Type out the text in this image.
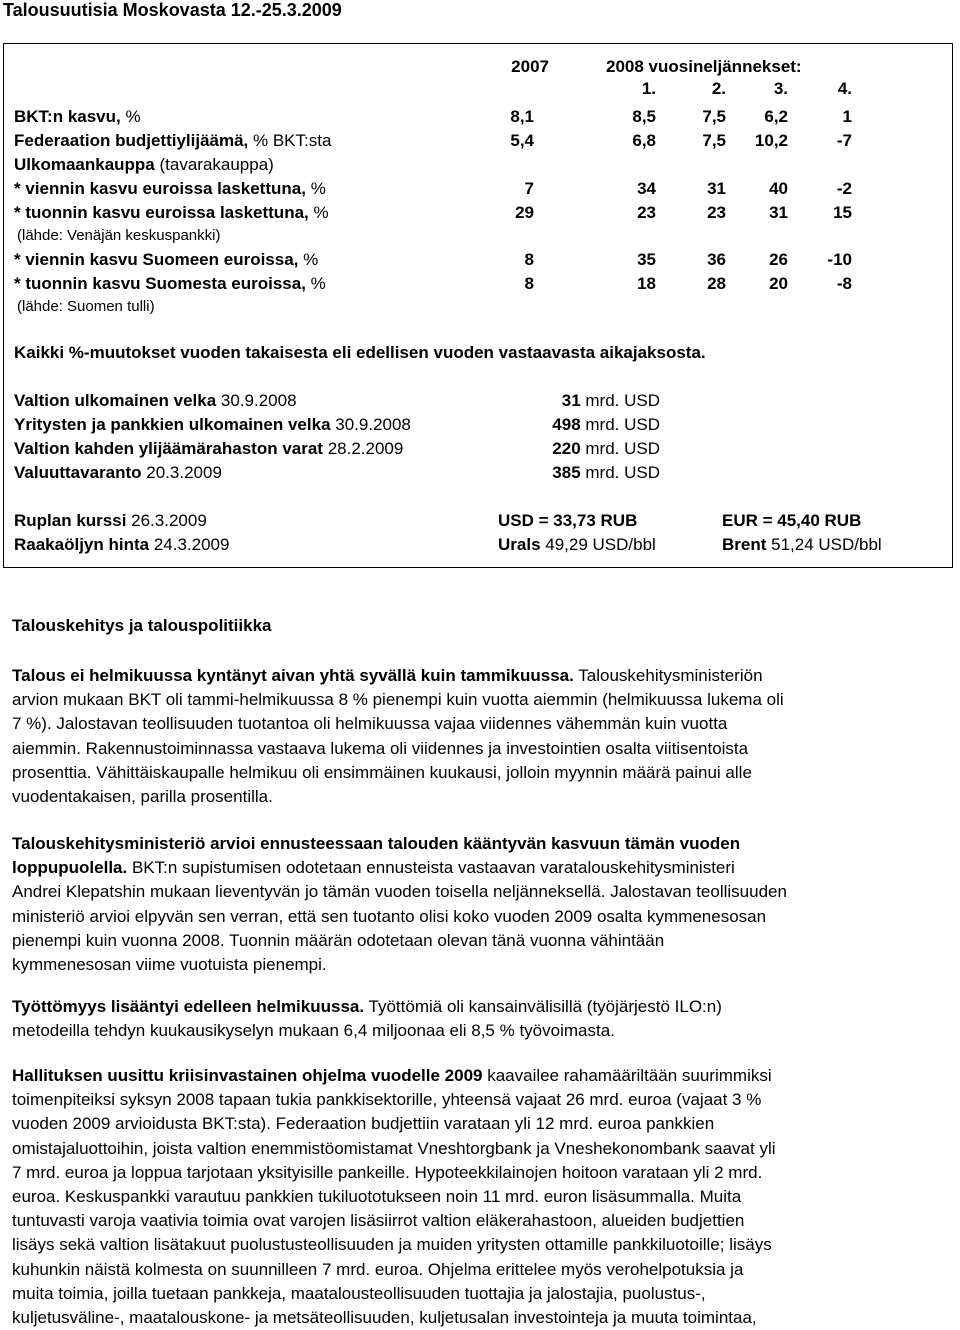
Talousuutisia Moskovasta 12.-25.3.2009
2007	2008 vuosineljännekset:
1.	2.	3.	4.
BKT:n kasvu, %	8,1	8,5	7,5 6,2	1
Federaation budjettiylijäämä, % BKT:sta	5,4	6,8	7,5 10,2	-7
Ulkomaankauppa (tavarakauppa)
* viennin kasvu euroissa laskettuna, %	7	34	31	40	-2
* tuonnin kasvu euroissa laskettuna, %	29	23	23	31	15
(lähde: Venäjän keskuspankki)
* viennin kasvu Suomeen euroissa, %	8	35	36	26 -10
* tuonnin kasvu Suomesta euroissa, %	8	18	28	20	-8
(lähde: Suomen tulli)
Kaikki %-muutokset vuoden takaisesta eli edellisen vuoden vastaavasta aikajaksosta.
Valtion ulkomainen velka 30.9.2008	31 mrd. USD
Yritysten ja pankkien ulkomainen velka 30.9.2008	498 mrd. USD
Valtion kahden ylijäämärahaston varat 28.2.2009	220 mrd. USD
Valuuttavaranto 20.3.2009	385 mrd. USD
Ruplan kurssi 26.3.2009	USD = 33,73 RUB	EUR = 45,40 RUB
Raakaöljyn hinta 24.3.2009	Urals 49,29 USD/bbl	Brent 51,24 USD/bbl
Talouskehitys ja talouspolitiikka
Talous ei helmikuussa kyntänyt aivan yhtä syvällä kuin tammikuussa. Talouskehitysministeriön
arvion mukaan BKT oli tammi-helmikuussa 8 % pienempi kuin vuotta aiemmin (helmikuussa lukema oli
7 %). Jalostavan teollisuuden tuotantoa oli helmikuussa vajaa viidennes vähemmän kuin vuotta
aiemmin. Rakennustoiminnassa vastaava lukema oli viidennes ja investointien osalta viitisentoista
prosenttia. Vähittäiskaupalle helmikuu oli ensimmäinen kuukausi, jolloin myynnin määrä painui alle
vuodentakaisen, parilla prosentilla.
Talouskehitysministeriö arvioi ennusteessaan talouden kääntyvän kasvuun tämän vuoden
loppupuolella. BKT:n supistumisen odotetaan ennusteista vastaavan varatalouskehitysministeri
Andrei Klepatshin mukaan lieventyvän jo tämän vuoden toisella neljänneksellä. Jalostavan teollisuuden
ministeriö arvioi elpyvän sen verran, että sen tuotanto olisi koko vuoden 2009 osalta kymmenesosan
pienempi kuin vuonna 2008. Tuonnin määrän odotetaan olevan tänä vuonna vähintään
kymmenesosan viime vuotuista pienempi.
Työttömyys lisääntyi edelleen helmikuussa. Työttömiä oli kansainvälisillä (työjärjestö ILO:n)
metodeilla tehdyn kuukausikyselyn mukaan 6,4 miljoonaa eli 8,5 % työvoimasta.
Hallituksen uusittu kriisinvastainen ohjelma vuodelle 2009 kaavailee rahamääriltään suurimmiksi
toimenpiteiksi syksyn 2008 tapaan tukia pankkisektorille, yhteensä vajaat 26 mrd. euroa (vajaat 3 %
vuoden 2009 arvioidusta BKT:sta). Federaation budjettiin varataan yli 12 mrd. euroa pankkien
omistajaluottoihin, joista valtion enemmistöomistamat Vneshtorgbank ja Vneshekonombank saavat yli
7 mrd. euroa ja loppua tarjotaan yksityisille pankeille. Hypoteekkilainojen hoitoon varataan yli 2 mrd.
euroa. Keskuspankki varautuu pankkien tukiluototukseen noin 11 mrd. euron lisäsummalla. Muita
tuntuvasti varoja vaativia toimia ovat varojen lisäsiirrot valtion eläkerahastoon, alueiden budjettien
lisäys sekä valtion lisätakuut puolustusteollisuuden ja muiden yritysten ottamille pankkiluotoille; lisäys
kuhunkin näistä kolmesta on suunnilleen 7 mrd. euroa. Ohjelma erittelee myös verohelpotuksia ja
muita toimia, joilla tuetaan pankkeja, maatalousteollisuuden tuottajia ja jalostajia, puolustus-,
kuljetusväline-, maatalouskone- ja metsäteollisuuden, kuljetusalan investointeja ja muuta toimintaa,
